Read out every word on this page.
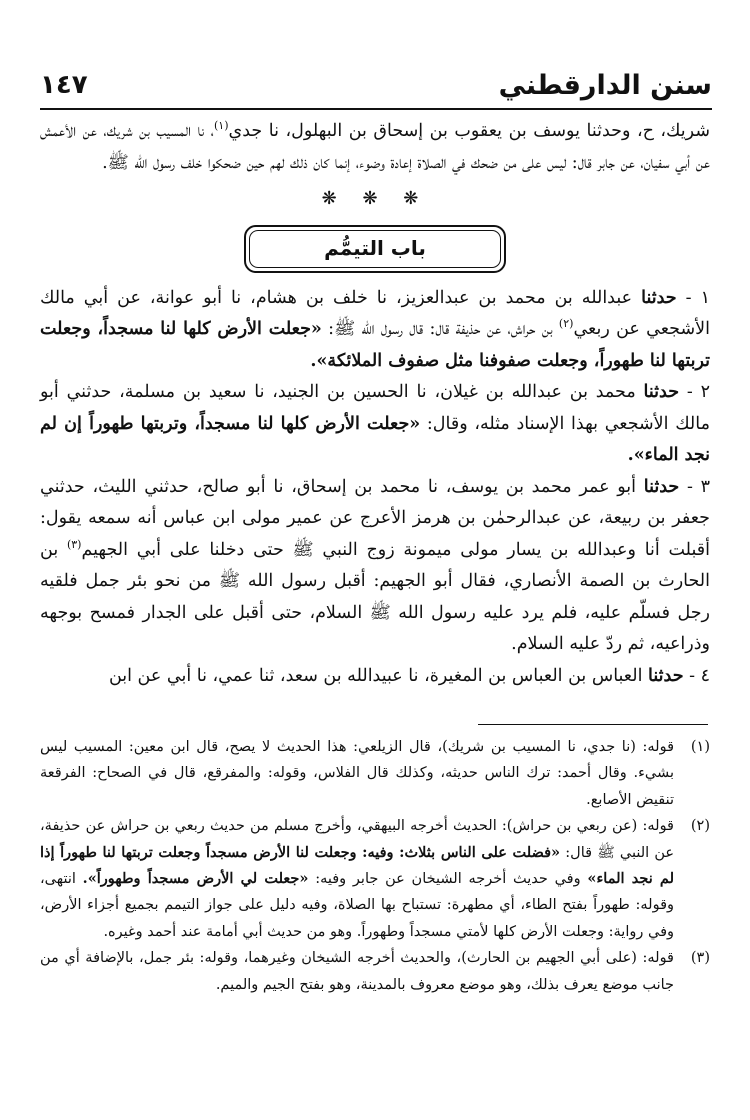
سنن الدارقطني
١٤٧

شريك، ح، وحدثنا يوسف بن يعقوب بن إسحاق بن البهلول، نا جدي$^{(١)}$، نا المسيب بن شريك، عن الأعمش عن أبي سفيان، عن جابر قال: ليس على من ضحك في الصلاة إعادة وضوء، إنما كان ذلك لهم حين ضحكوا خلف رسول الله ﷺ.

❋ ❋ ❋
باب التيمُّم

١ - حدثنا عبدالله بن محمد بن عبدالعزيز، نا خلف بن هشام، نا أبو عوانة، عن أبي مالك الأشجعي عن ربعي$^{(٢)}$ بن حراش، عن حذيفة قال: قال رسول الله ﷺ: «جعلت الأرض كلها لنا مسجداً، وجعلت تربتها لنا طهوراً، وجعلت صفوفنا مثل صفوف الملائكة».

٢ - حدثنا محمد بن عبدالله بن غيلان، نا الحسين بن الجنيد، نا سعيد بن مسلمة، حدثني أبو مالك الأشجعي بهذا الإسناد مثله، وقال: «جعلت الأرض كلها لنا مسجداً، وتربتها طهوراً إن لم نجد الماء».

٣ - حدثنا أبو عمر محمد بن يوسف، نا محمد بن إسحاق، نا أبو صالح، حدثني الليث، حدثني جعفر بن ربيعة، عن عبدالرحمٰن بن هرمز الأعرج عن عمير مولى ابن عباس أنه سمعه يقول: أقبلت أنا وعبدالله بن يسار مولى ميمونة زوج النبي ﷺ حتى دخلنا على أبي الجهيم$^{(٣)}$ بن الحارث بن الصمة الأنصاري، فقال أبو الجهيم: أقبل رسول الله ﷺ من نحو بئر جمل فلقيه رجل فسلّم عليه، فلم يرد عليه رسول الله ﷺ السلام، حتى أقبل على الجدار فمسح بوجهه وذراعيه، ثم ردّ عليه السلام.

٤ - حدثنا العباس بن العباس بن المغيرة، نا عبيدالله بن سعد، ثنا عمي، نا أبي عن ابن

(١)
قوله: (نا جدي، نا المسيب بن شريك)، قال الزيلعي: هذا الحديث لا يصح، قال ابن معين: المسيب ليس بشيء. وقال أحمد: ترك الناس حديثه، وكذلك قال الفلاس، وقوله: والمفرقع، قال في الصحاح: الفرقعة تنقيض الأصابع.
(٢)
قوله: (عن ربعي بن حراش): الحديث أخرجه البيهقي، وأخرج مسلم من حديث ربعي بن حراش عن حذيفة، عن النبي ﷺ قال: «فضلت على الناس بثلاث: وفيه: وجعلت لنا الأرض مسجداً وجعلت تربتها لنا طهوراً إذا لم نجد الماء» وفي حديث أخرجه الشيخان عن جابر وفيه: «جعلت لي الأرض مسجداً وطهوراً». انتهى، وقوله: طهوراً بفتح الطاء، أي مطهرة: تستباح بها الصلاة، وفيه دليل على جواز التيمم بجميع أجزاء الأرض، وفي رواية: وجعلت الأرض كلها لأمتي مسجداً وطهوراً. وهو من حديث أبي أمامة عند أحمد وغيره.
(٣)
قوله: (على أبي الجهيم بن الحارث)، والحديث أخرجه الشيخان وغيرهما، وقوله: بئر جمل، بالإضافة أي من جانب موضع يعرف بذلك، وهو موضع معروف بالمدينة، وهو بفتح الجيم والميم.
